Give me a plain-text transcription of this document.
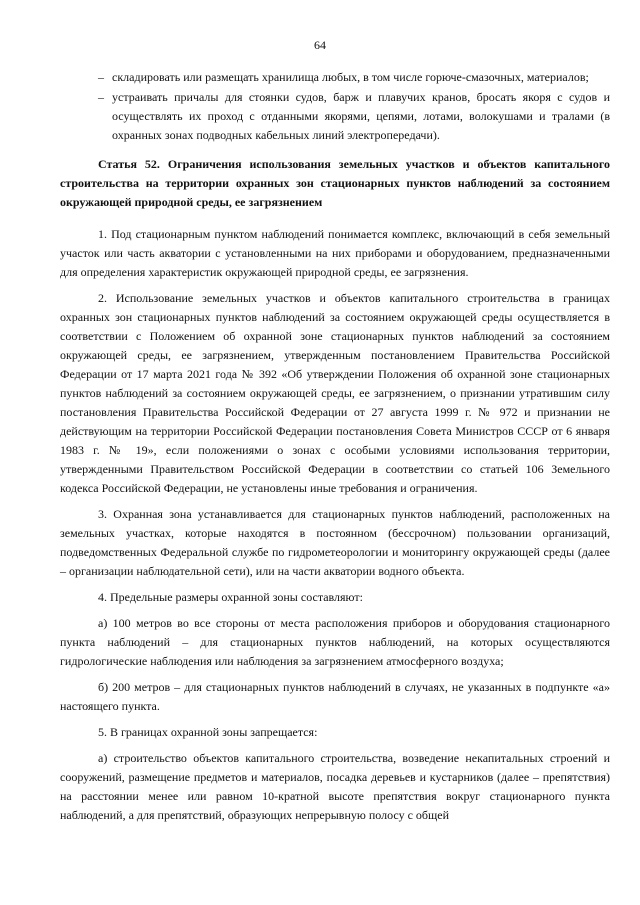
64
– складировать или размещать хранилища любых, в том числе горюче-смазочных, материалов;
– устраивать причалы для стоянки судов, барж и плавучих кранов, бросать якоря с судов и осуществлять их проход с отданными якорями, цепями, лотами, волокушами и тралами (в охранных зонах подводных кабельных линий электропередачи).
Статья 52. Ограничения использования земельных участков и объектов капитального строительства на территории охранных зон стационарных пунктов наблюдений за состоянием окружающей природной среды, ее загрязнением

1. Под стационарным пунктом наблюдений понимается комплекс, включающий в себя земельный участок или часть акватории с установленными на них приборами и оборудованием, предназначенными для определения характеристик окружающей природной среды, ее загрязнения.

2. Использование земельных участков и объектов капитального строительства в границах охранных зон стационарных пунктов наблюдений за состоянием окружающей среды осуществляется в соответствии с Положением об охранной зоне стационарных пунктов наблюдений за состоянием окружающей среды, ее загрязнением, утвержденным постановлением Правительства Российской Федерации от 17 марта 2021 года № 392 «Об утверждении Положения об охранной зоне стационарных пунктов наблюдений за состоянием окружающей среды, ее загрязнением, о признании утратившим силу постановления Правительства Российской Федерации от 27 августа 1999 г. № 972 и признании не действующим на территории Российской Федерации постановления Совета Министров СССР от 6 января 1983 г. № 19», если положениями о зонах с особыми условиями использования территории, утвержденными Правительством Российской Федерации в соответствии со статьей 106 Земельного кодекса Российской Федерации, не установлены иные требования и ограничения.

3. Охранная зона устанавливается для стационарных пунктов наблюдений, расположенных на земельных участках, которые находятся в постоянном (бессрочном) пользовании организаций, подведомственных Федеральной службе по гидрометеорологии и мониторингу окружающей среды (далее – организации наблюдательной сети), или на части акватории водного объекта.

4. Предельные размеры охранной зоны составляют:

а) 100 метров во все стороны от места расположения приборов и оборудования стационарного пункта наблюдений – для стационарных пунктов наблюдений, на которых осуществляются гидрологические наблюдения или наблюдения за загрязнением атмосферного воздуха;

б) 200 метров – для стационарных пунктов наблюдений в случаях, не указанных в подпункте «а» настоящего пункта.

5. В границах охранной зоны запрещается:

а) строительство объектов капитального строительства, возведение некапитальных строений и сооружений, размещение предметов и материалов, посадка деревьев и кустарников (далее – препятствия) на расстоянии менее или равном 10-кратной высоте препятствия вокруг стационарного пункта наблюдений, а для препятствий, образующих непрерывную полосу с общей
